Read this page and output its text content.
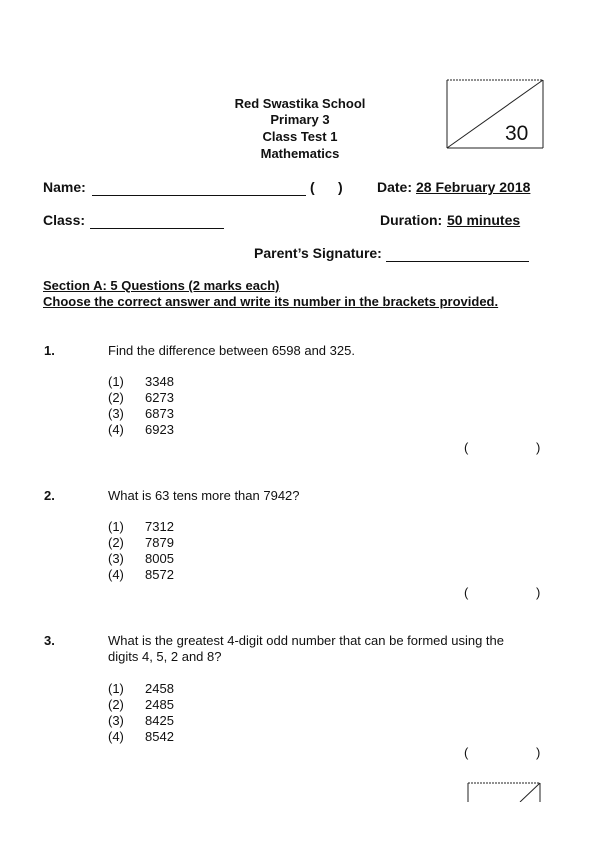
Red Swastika School
Primary 3
Class Test 1
Mathematics
30
Name:	(      ) Date: 28 February 2018
Class:	Duration: 50 minutes
Parent’s Signature:
Section A: 5 Questions (2 marks each)
Choose the correct answer and write its number in the brackets provided.
1.	Find the difference between 6598 and 325.
(1) 3348
(2) 6273
(3) 6873
(4) 6923
(	)
2.	What is 63 tens more than 7942?
(1) 7312
(2) 7879
(3) 8005
(4) 8572
(	)
3.	What is the greatest 4-digit odd number that can be formed using the
digits 4, 5, 2 and 8?
(1) 2458
(2) 2485
(3) 8425
(4) 8542
(	)
